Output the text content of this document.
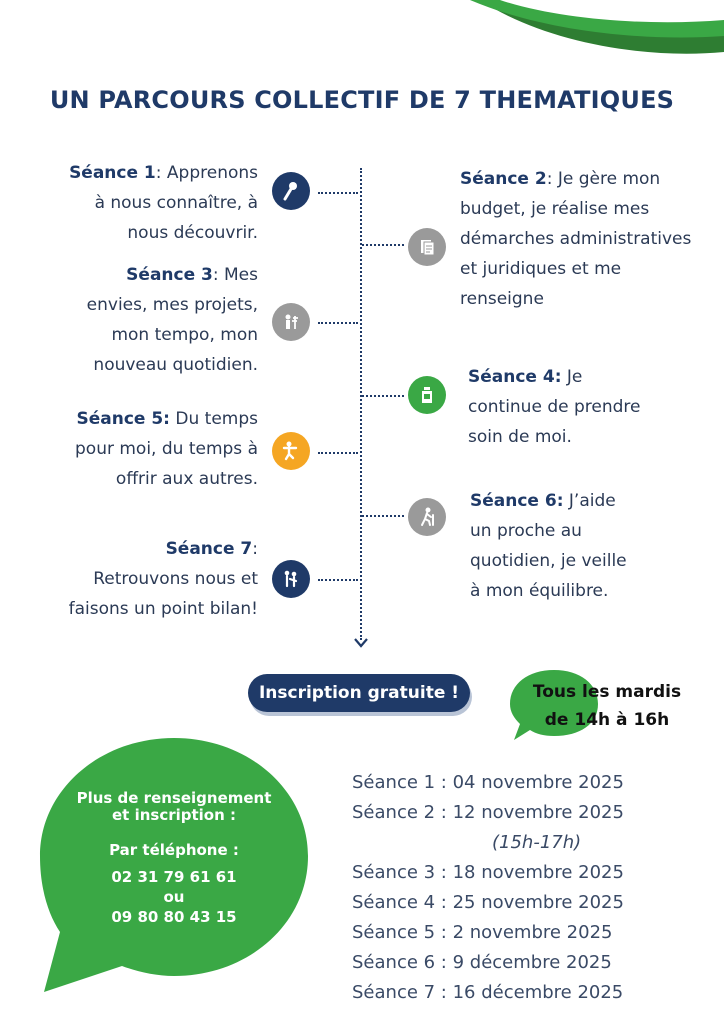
UN PARCOURS COLLECTIF DE 7 THEMATIQUES
Séance 1: Apprenons
à nous connaître, à
nous découvrir.
Séance 2: Je gère mon
budget, je réalise mes
démarches administratives
et juridiques et me
renseigne
Séance 3: Mes
envies, mes projets,
mon tempo, mon
nouveau quotidien.
Séance 4: Je
continue de prendre
soin de moi.
Séance 5: Du temps
pour moi, du temps à
offrir aux autres.
Séance 6: J’aide
un proche au
quotidien, je veille
à mon équilibre.
Séance 7:
Retrouvons nous et
faisons un point bilan!
Inscription gratuite !	Tous les mardis
de 14h à 16h
Plus de renseignement
et inscription :
Par téléphone :
02 31 79 61 61
ou
09 80 80 43 15
Séance 1 : 04 novembre 2025
Séance 2 : 12 novembre 2025
(15h-17h)
Séance 3 : 18 novembre 2025
Séance 4 : 25 novembre 2025
Séance 5 : 2 novembre 2025
Séance 6 : 9 décembre 2025
Séance 7 : 16 décembre 2025
